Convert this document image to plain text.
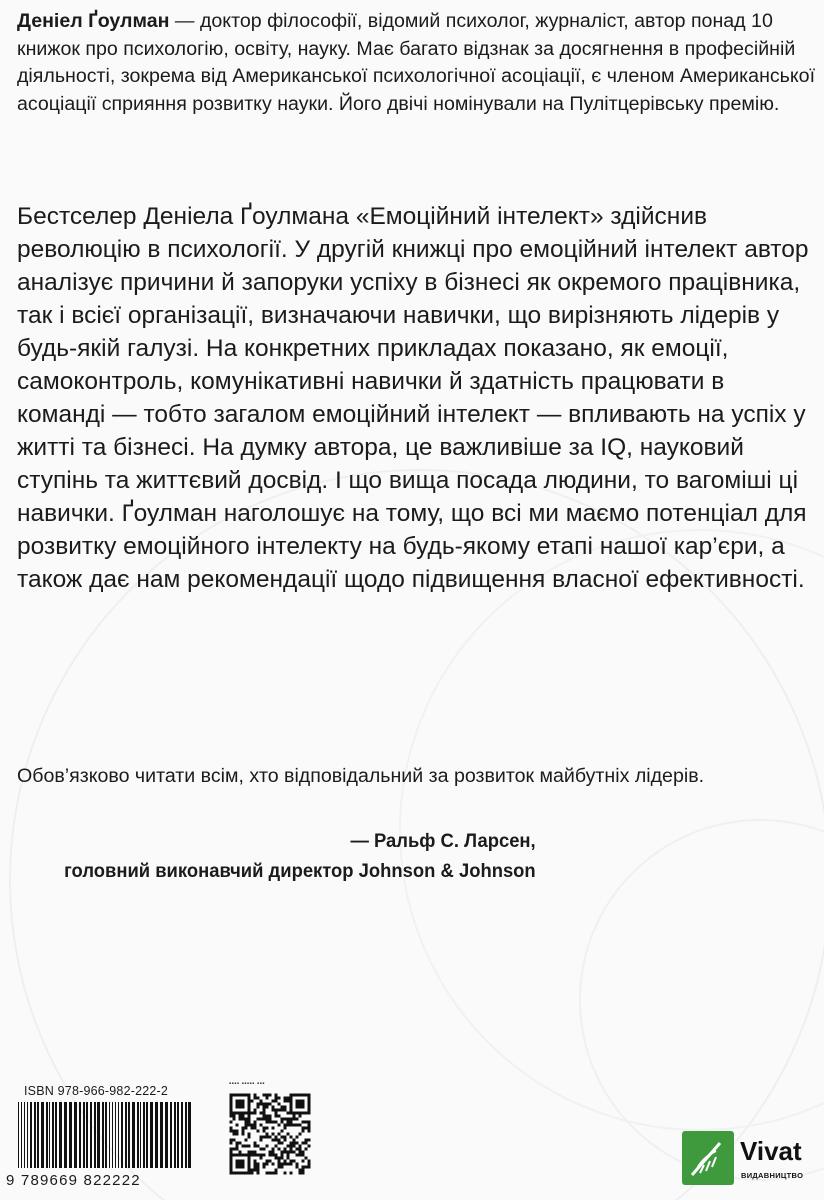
Деніел Ґоулман — доктор філософії, відомий психолог, журналіст, автор понад 10 книжок про психологію, освіту, науку. Має багато відзнак за досягнення в професійній діяльності, зокрема від Американської психологічної асоціації, є членом Американської асоціації сприяння розвитку науки. Його двічі номінували на Пулітцерівську премію.

Бестселер Деніела Ґоулмана «Емоційний інтелект» здійснив революцію в психології. У другій книжці про емоційний інтелект автор аналізує причини й запоруки успіху в бізнесі як окремого працівника, так і всієї організації, визначаючи навички, що вирізняють лідерів у будь-якій галузі. На конкретних прикладах показано, як емоції, самоконтроль, комунікативні навички й здатність працювати в команді — тобто загалом емоційний інтелект — впливають на успіх у житті та бізнесі. На думку автора, це важливіше за IQ, науковий ступінь та життєвий досвід. І що вища посада людини, то вагоміші ці навички. Ґоулман наголошує на тому, що всі ми маємо потенціал для розвитку емоційного інтелекту на будь-якому етапі нашої кар’єри, а також дає нам рекомендації щодо підвищення власної ефективності.

Обов’язково читати всім, хто відповідальний за розвиток майбутніх лідерів.

— Ральф С. Ларсен,
головний виконавчий директор Johnson & Johnson
ISBN 978-966-982-222-2
9 789669 822222
▪▪▪▪ ▪▪▪▪▪ ▪▪▪
Vivat
ВИДАВНИЦТВО
